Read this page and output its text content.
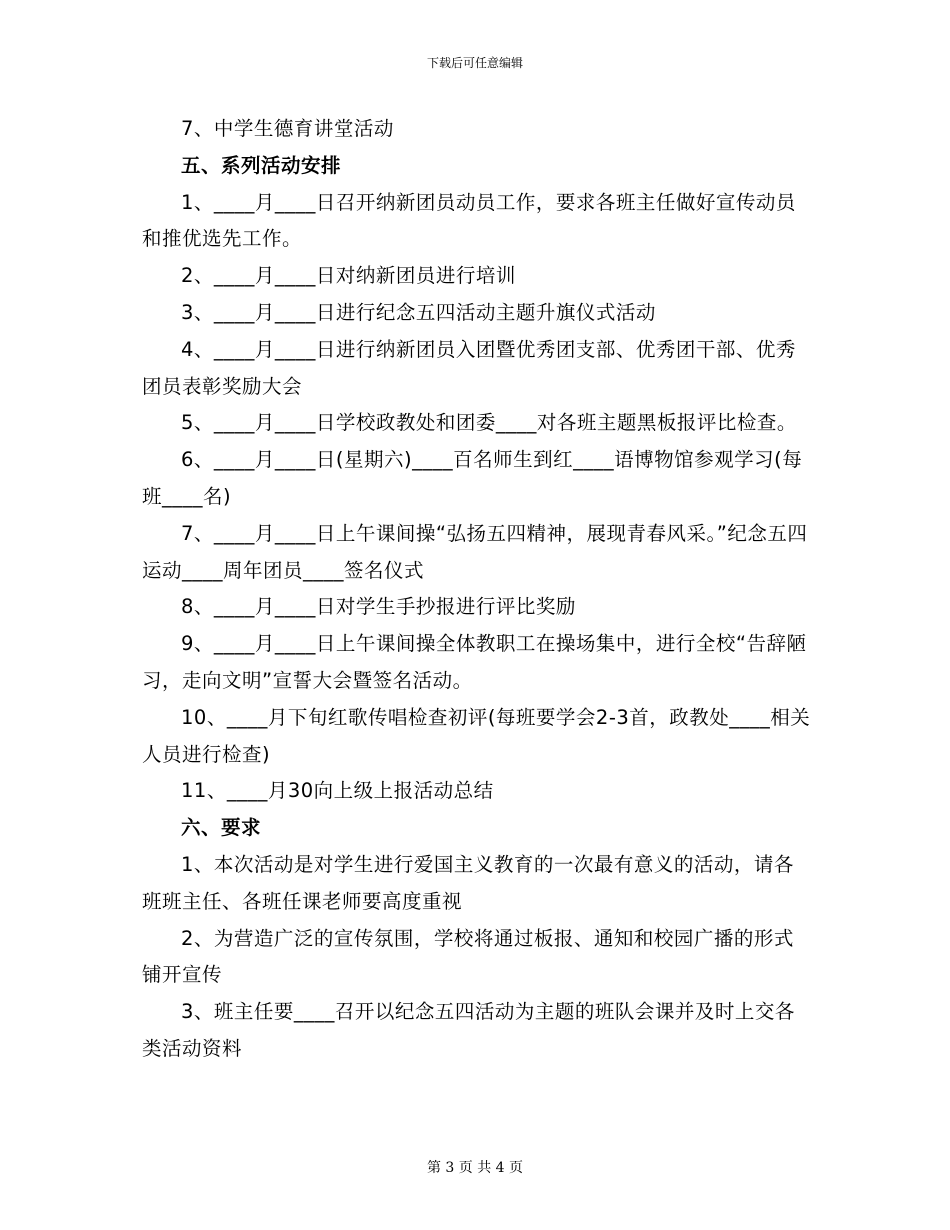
下载后可任意编辑

7、中学生德育讲堂活动

五、系列活动安排

1、____月____日召开纳新团员动员工作，要求各班主任做好宣传动员和推优选先工作。

2、____月____日对纳新团员进行培训

3、____月____日进行纪念五四活动主题升旗仪式活动

4、____月____日进行纳新团员入团暨优秀团支部、优秀团干部、优秀团员表彰奖励大会

5、____月____日学校政教处和团委____对各班主题黑板报评比检查。

6、____月____日(星期六)____百名师生到红____语博物馆参观学习(每班____名)

7、____月____日上午课间操“弘扬五四精神，展现青春风采。”纪念五四运动____周年团员____签名仪式

8、____月____日对学生手抄报进行评比奖励

9、____月____日上午课间操全体教职工在操场集中，进行全校“告辞陋习，走向文明”宣誓大会暨签名活动。

10、____月下旬红歌传唱检查初评(每班要学会2-3首，政教处____相关人员进行检查)

11、____月30向上级上报活动总结

六、要求

1、本次活动是对学生进行爱国主义教育的一次最有意义的活动，请各班班主任、各班任课老师要高度重视

2、为营造广泛的宣传氛围，学校将通过板报、通知和校园广播的形式铺开宣传

3、班主任要____召开以纪念五四活动为主题的班队会课并及时上交各类活动资料

第 3 页 共 4 页
